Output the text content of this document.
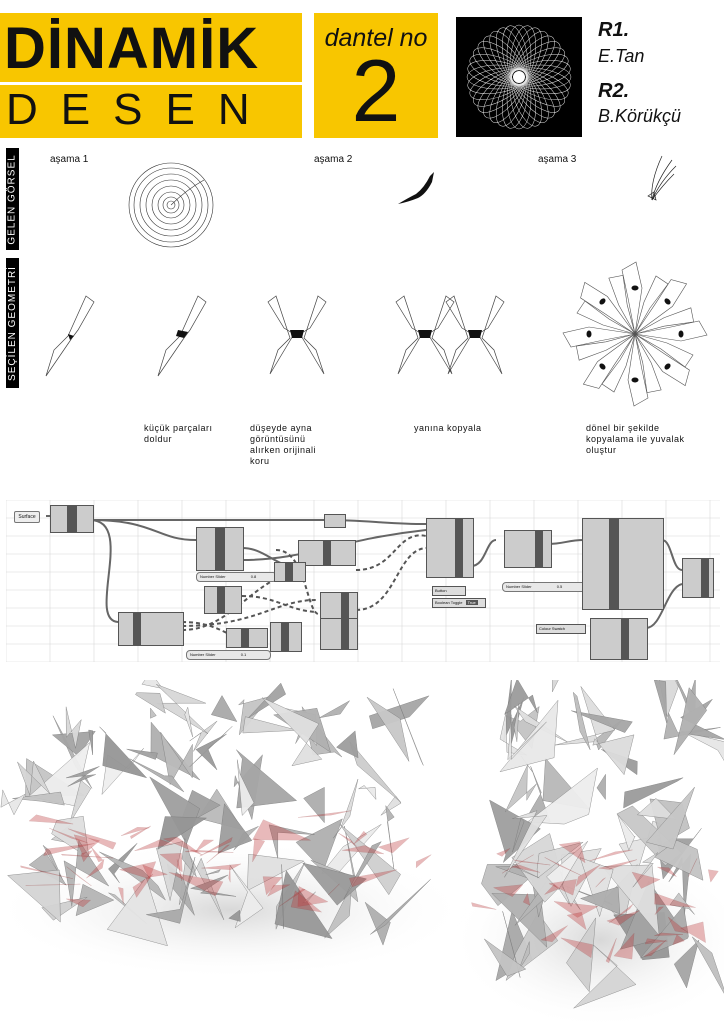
DİNAMİK
DESEN
dantel no
2
R1.
E.Tan
R2.
B.Körükçü
GELEN GÖRSEL
SEÇİLEN GEOMETRİ
aşama 1	aşama 2	aşama 3
küçük parçaları
doldur
düşeyde ayna
görüntüsünü
alırken orijinali
koru
yanına kopyala	dönel bir şekilde
kopyalama ile yuvalak
oluştur
Surface
Number Slider	0.8
Number Slider	0.1
Button
Boolean Toggle True
Number Slider	0.5
Colour Swatch
